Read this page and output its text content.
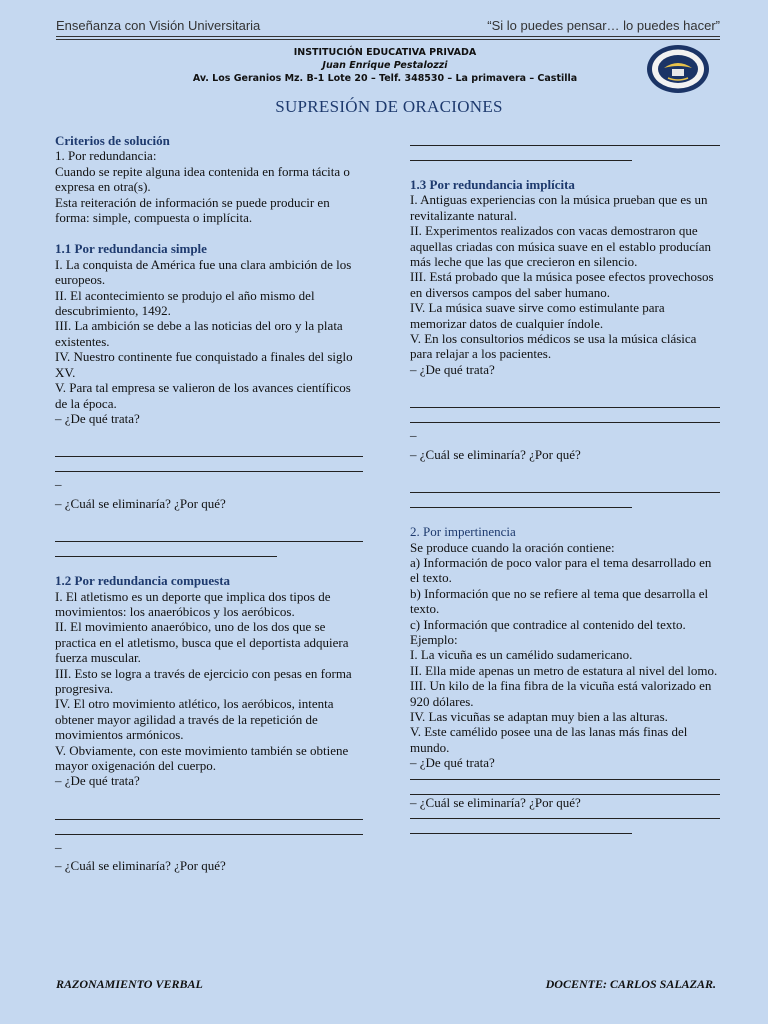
Enseñanza con Visión Universitaria	“Si lo puedes pensar… lo puedes hacer”
INSTITUCIÓN EDUCATIVA PRIVADA
Juan Enrique Pestalozzi
Av. Los Geranios Mz. B-1 Lote 20 – Telf. 348530 – La primavera – Castilla
SUPRESIÓN DE ORACIONES

Criterios de solución

1. Por redundancia:

Cuando se repite alguna idea contenida en forma tácita o expresa en otra(s).

Esta reiteración de información se puede producir en forma: simple, compuesta o implícita.

1.1 Por redundancia simple

I. La conquista de América fue una clara ambición de los europeos.

II. El acontecimiento se produjo el año mismo del descubrimiento, 1492.

III. La ambición se debe a las noticias del oro y la plata existentes.

IV. Nuestro continente fue conquistado a finales del siglo XV.

V. Para tal empresa se valieron de los avances científicos de la época.

– ¿De qué trata?

_

– ¿Cuál se eliminaría? ¿Por qué?

1.2 Por redundancia compuesta

I. El atletismo es un deporte que implica dos tipos de movimientos: los anaeróbicos y los aeróbicos.

II. El movimiento anaeróbico, uno de los dos que se practica en el atletismo, busca que el deportista adquiera fuerza muscular.

III. Esto se logra a través de ejercicio con pesas en forma progresiva.

IV. El otro movimiento atlético, los aeróbicos, intenta obtener mayor agilidad a través de la repetición de movimientos armónicos.

V. Obviamente, con este movimiento también se obtiene mayor oxigenación del cuerpo.

– ¿De qué trata?

_

– ¿Cuál se eliminaría? ¿Por qué?

1.3 Por redundancia implícita

I. Antiguas experiencias con la música prueban que es un revitalizante natural.

II. Experimentos realizados con vacas demostraron que aquellas criadas con música suave en el establo producían más leche que las que crecieron en silencio.

III. Está probado que la música posee efectos provechosos en diversos campos del saber humano.

IV. La música suave sirve como estimulante para memorizar datos de cualquier índole.

V. En los consultorios médicos se usa la música clásica para relajar a los pacientes.

– ¿De qué trata?

_

– ¿Cuál se eliminaría? ¿Por qué?

2. Por impertinencia

Se produce cuando la oración contiene:

a) Información de poco valor para el tema desarrollado en el texto.

b) Información que no se refiere al tema que desarrolla el texto.

c) Información que contradice al contenido del texto.

Ejemplo:

I. La vicuña es un camélido sudamericano.

II. Ella mide apenas un metro de estatura al nivel del lomo.

III. Un kilo de la fina fibra de la vicuña está valorizado en 920 dólares.

IV. Las vicuñas se adaptan muy bien a las alturas.

V. Este camélido posee una de las lanas más finas del mundo.

– ¿De qué trata?

– ¿Cuál se eliminaría? ¿Por qué?

RAZONAMIENTO VERBAL	DOCENTE: CARLOS SALAZAR.
